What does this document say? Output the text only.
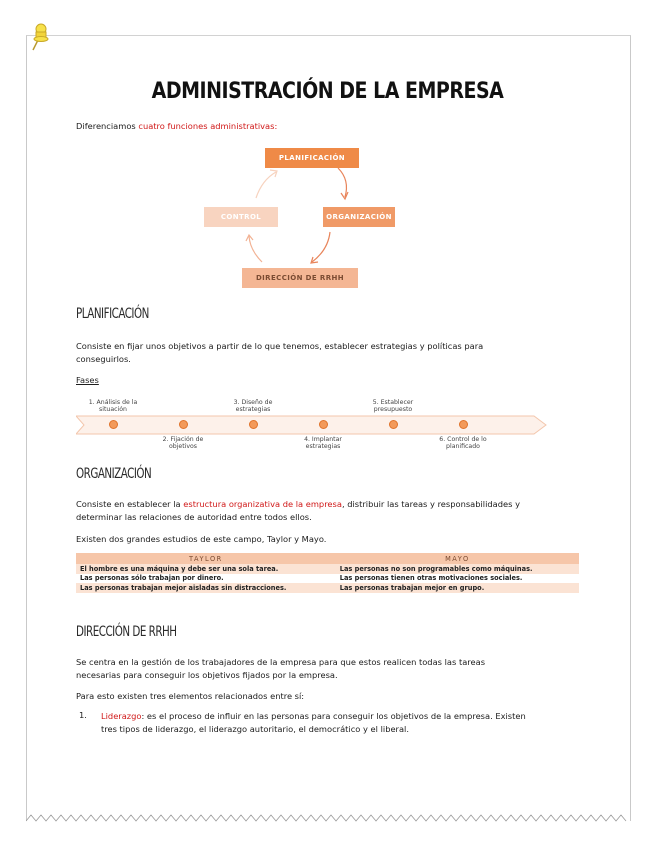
ADMINISTRACIÓN DE LA EMPRESA
Diferenciamos cuatro funciones administrativas:
PLANIFICACIÓN
ORGANIZACIÓN
DIRECCIÓN DE RRHH
CONTROL
PLANIFICACIÓN
Consiste en fijar unos objetivos a partir de lo que tenemos, establecer estrategias y políticas para
conseguirlos.
Fases
1. Análisis de la
situación
2. Fijación de
objetivos
3. Diseño de
estrategias
4. Implantar
estrategias
5. Establecer
presupuesto
6. Control de lo
planificado
ORGANIZACIÓN
Consiste en establecer la estructura organizativa de la empresa, distribuir las tareas y responsabilidades y
determinar las relaciones de autoridad entre todos ellos.
Existen dos grandes estudios de este campo, Taylor y Mayo.
TAYLOR	MAYO
El hombre es una máquina y debe ser una sola tarea.	Las personas no son programables como máquinas.
Las personas sólo trabajan por dinero.	Las personas tienen otras motivaciones sociales.
Las personas trabajan mejor aisladas sin distracciones.	Las personas trabajan mejor en grupo.
DIRECCIÓN DE RRHH
Se centra en la gestión de los trabajadores de la empresa para que estos realicen todas las tareas
necesarias para conseguir los objetivos fijados por la empresa.
Para esto existen tres elementos relacionados entre sí:
1. Liderazgo: es el proceso de influir en las personas para conseguir los objetivos de la empresa. Existen
tres tipos de liderazgo, el liderazgo autoritario, el democrático y el liberal.
